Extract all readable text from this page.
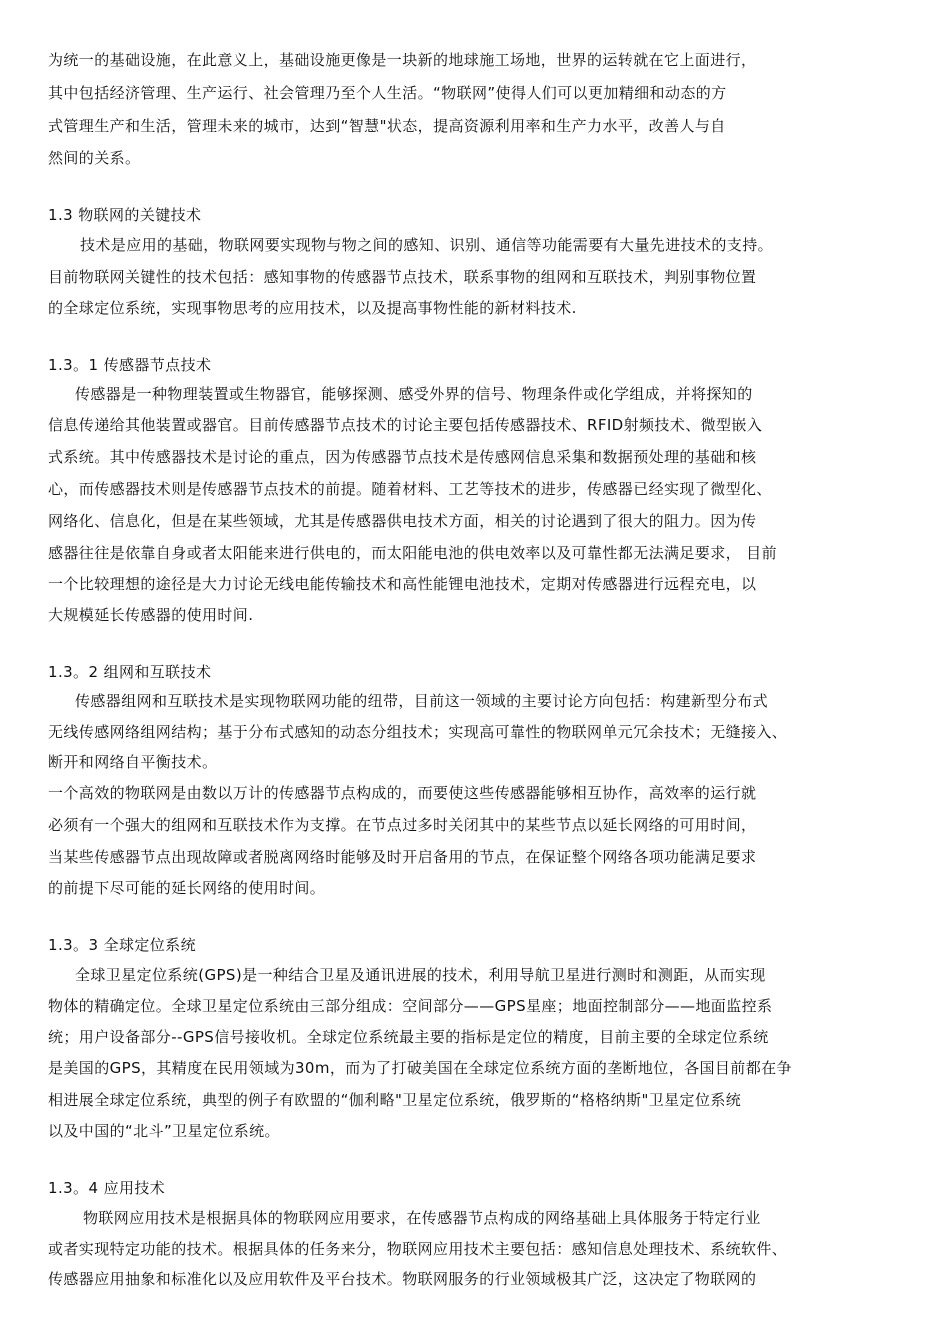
为统一的基础设施，在此意义上，基础设施更像是一块新的地球施工场地，世界的运转就在它上面进行，
其中包括经济管理、生产运行、社会管理乃至个人生活。“物联网”使得人们可以更加精细和动态的方
式管理生产和生活，管理未来的城市，达到“智慧"状态，提高资源利用率和生产力水平，改善人与自
然间的关系。
1.3 物联网的关键技术
技术是应用的基础，物联网要实现物与物之间的感知、识别、通信等功能需要有大量先进技术的支持。
目前物联网关键性的技术包括：感知事物的传感器节点技术，联系事物的组网和互联技术，判别事物位置
的全球定位系统，实现事物思考的应用技术，以及提高事物性能的新材料技术.
1.3。1 传感器节点技术
传感器是一种物理装置或生物器官，能够探测、感受外界的信号、物理条件或化学组成，并将探知的
信息传递给其他装置或器官。目前传感器节点技术的讨论主要包括传感器技术、RFID射频技术、微型嵌入
式系统。其中传感器技术是讨论的重点，因为传感器节点技术是传感网信息采集和数据预处理的基础和核
心，而传感器技术则是传感器节点技术的前提。随着材料、工艺等技术的进步，传感器已经实现了微型化、
网络化、信息化，但是在某些领域，尤其是传感器供电技术方面，相关的讨论遇到了很大的阻力。因为传
感器往往是依靠自身或者太阳能来进行供电的，而太阳能电池的供电效率以及可靠性都无法满足要求， 目前
一个比较理想的途径是大力讨论无线电能传输技术和高性能锂电池技术，定期对传感器进行远程充电，以
大规模延长传感器的使用时间.
1.3。2 组网和互联技术
传感器组网和互联技术是实现物联网功能的纽带，目前这一领域的主要讨论方向包括：构建新型分布式
无线传感网络组网结构；基于分布式感知的动态分组技术；实现高可靠性的物联网单元冗余技术；无缝接入、
断开和网络自平衡技术。
一个高效的物联网是由数以万计的传感器节点构成的，而要使这些传感器能够相互协作，高效率的运行就
必须有一个强大的组网和互联技术作为支撑。在节点过多时关闭其中的某些节点以延长网络的可用时间，
当某些传感器节点出现故障或者脱离网络时能够及时开启备用的节点，在保证整个网络各项功能满足要求
的前提下尽可能的延长网络的使用时间。
1.3。3 全球定位系统
全球卫星定位系统(GPS)是一种结合卫星及通讯进展的技术，利用导航卫星进行测时和测距，从而实现
物体的精确定位。全球卫星定位系统由三部分组成：空间部分——GPS星座；地面控制部分——地面监控系
统；用户设备部分--GPS信号接收机。全球定位系统最主要的指标是定位的精度，目前主要的全球定位系统
是美国的GPS，其精度在民用领域为30m，而为了打破美国在全球定位系统方面的垄断地位，各国目前都在争
相进展全球定位系统，典型的例子有欧盟的“伽利略"卫星定位系统，俄罗斯的“格格纳斯"卫星定位系统
以及中国的“北斗”卫星定位系统。
1.3。4 应用技术
物联网应用技术是根据具体的物联网应用要求，在传感器节点构成的网络基础上具体服务于特定行业
或者实现特定功能的技术。根据具体的任务来分，物联网应用技术主要包括：感知信息处理技术、系统软件、
传感器应用抽象和标准化以及应用软件及平台技术。物联网服务的行业领域极其广泛，这决定了物联网的
